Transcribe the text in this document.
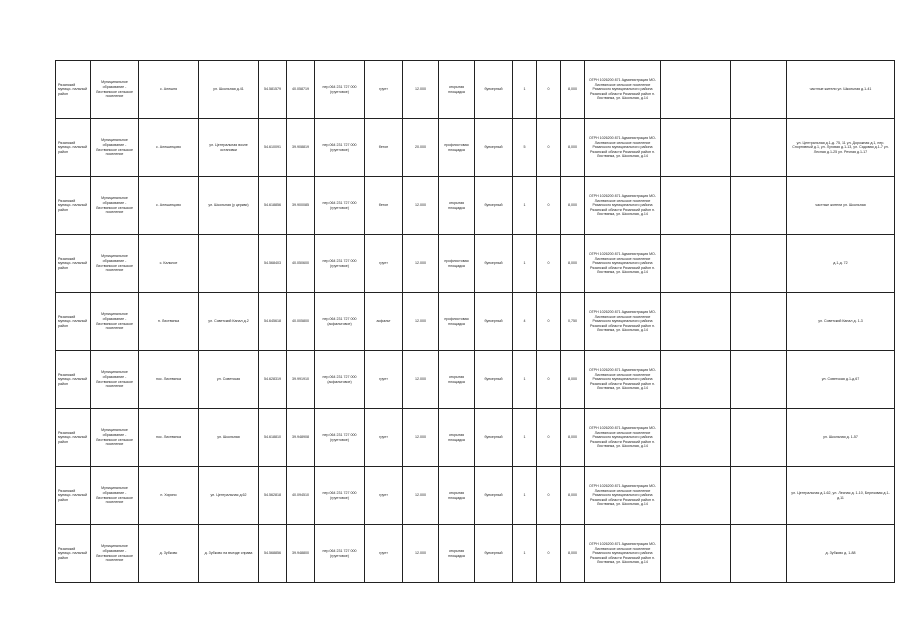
Рязанский муници- пальный район	Муниципальное образование - Листвянское сельское поселение	с. Алешня	ул. Школьная д.41	54.581579	40.058719	пер.064 231 727 000 (грунтовое)	грунт	12.000	открытая площадка	бункерный	1	0	8,000	ОГРН 1026200 871 Администрация МО- Листвянское сельское поселение Рязанского муниципального района Рязанской области Рязанский район п. Листвянка, ул. Школьная, д.14			частные жители ул. Школьная д.1-41
Рязанский муници- пальный район	Муниципальное образование - Листвянское сельское поселение	с. Алешинцово	ул. Центральная возле остановки	54.610091	39.908819	пер.064 231 727 000 (грунтовое)	бетон	20.000	профлистовая площадка	бункерный	5	0	8,000	ОГРН 1026200 871 Администрация МО- Листвянское сельское поселение Рязанского муниципального района Рязанской области Рязанский район п. Листвянка, ул. Школьная, д.14			ул. Центральная д.1-д. 75, 11 ул. Дорожная д.1, пер. Спортивный д.1, ул. Луговая д.1-13, ул. Садовая д.1-7 ул. Лесная д.1-25 ул. Речная д.1-17
Рязанский муници- пальный район	Муниципальное образование - Листвянское сельское поселение	с. Алешинцово	ул. Школьная (у церкви)	54.618856	39.900085	пер.064 231 727 000 (грунтовое)	бетон	12.000	открытая площадка	бункерный	1	0	8,000	ОГРН 1026200 871 Администрация МО- Листвянское сельское поселение Рязанского муниципального района Рязанской области Рязанский район п. Листвянка, ул. Школьная, д.14			частные жители ул. Школьная
Рязанский муници- пальный район	Муниципальное образование - Листвянское сельское поселение	с. Кальное		54.568403	40.050600	пер.064 231 727 000 (грунтовое)	грунт	12.000	профлистовая площадка	бункерный	1	0	8,000	ОГРН 1026200 871 Администрация МО- Листвянское сельское поселение Рязанского муниципального района Рязанской области Рязанский район п. Листвянка, ул. Школьная, д.14			д.1-д. 72
Рязанский муници- пальный район	Муниципальное образование - Листвянское сельское поселение	п. Листвянка	ул. Советский Канал д.2	54.645618	40.005800	пер.064 231 727 000 (асфальтовое)	асфальт	12.000	профлистовая площадка	бункерный	4	0	0,750	ОГРН 1026200 871 Администрация МО- Листвянское сельское поселение Рязанского муниципального района Рязанской области Рязанский район п. Листвянка, ул. Школьная, д.14			ул. Советский Канал д. 1-3
Рязанский муници- пальный район	Муниципальное образование - Листвянское сельское поселение	пос. Листвянка	ул. Советская	54.628319	39.991910	пер.064 231 727 000 (асфальтовое)	грунт	12.000	открытая площадка	бункерный	1	0	8,000	ОГРН 1026200 871 Администрация МО- Листвянское сельское поселение Рязанского муниципального района Рязанской области Рязанский район п. Листвянка, ул. Школьная, д.14			ул. Советская д.1-д.67
Рязанский муници- пальный район	Муниципальное образование - Листвянское сельское поселение	пос. Листвянка	ул. Школьная	54.618810	39.948908	пер.064 231 727 000 (грунтовое)	грунт	12.000	открытая площадка	бункерный	1	0	8,000	ОГРН 1026200 871 Администрация МО- Листвянское сельское поселение Рязанского муниципального района Рязанской области Рязанский район п. Листвянка, ул. Школьная, д.14			ул. Школьная д. 1-57
Рязанский муници- пальный район	Муниципальное образование - Листвянское сельское поселение	п. Хирино	ул. Центральная д.62	54.562818	40.094510	пер.064 231 727 000 (грунтовое)	грунт	12.000	открытая площадка	бункерный	1	0	8,000	ОГРН 1026200 871 Администрация МО- Листвянское сельское поселение Рязанского муниципального района Рязанской области Рязанский район п. Листвянка, ул. Школьная, д.14			ул. Центральная д.1-62, ул. Лесная д. 1-10, Березовая д.1-д.11
Рязанский муници- пальный район	Муниципальное образование - Листвянское сельское поселение	д. Зубково	д. Зубково на въезде справа	54.568856	39.948800	пер.064 231 727 000 (грунтовое)	грунт	12.000	открытая площадка	бункерный	1	0	8,000	ОГРН 1026200 871 Администрация МО- Листвянское сельское поселение Рязанского муниципального района Рязанской области Рязанский район п. Листвянка, ул. Школьная, д.14			д. Зубково д. 1-88
